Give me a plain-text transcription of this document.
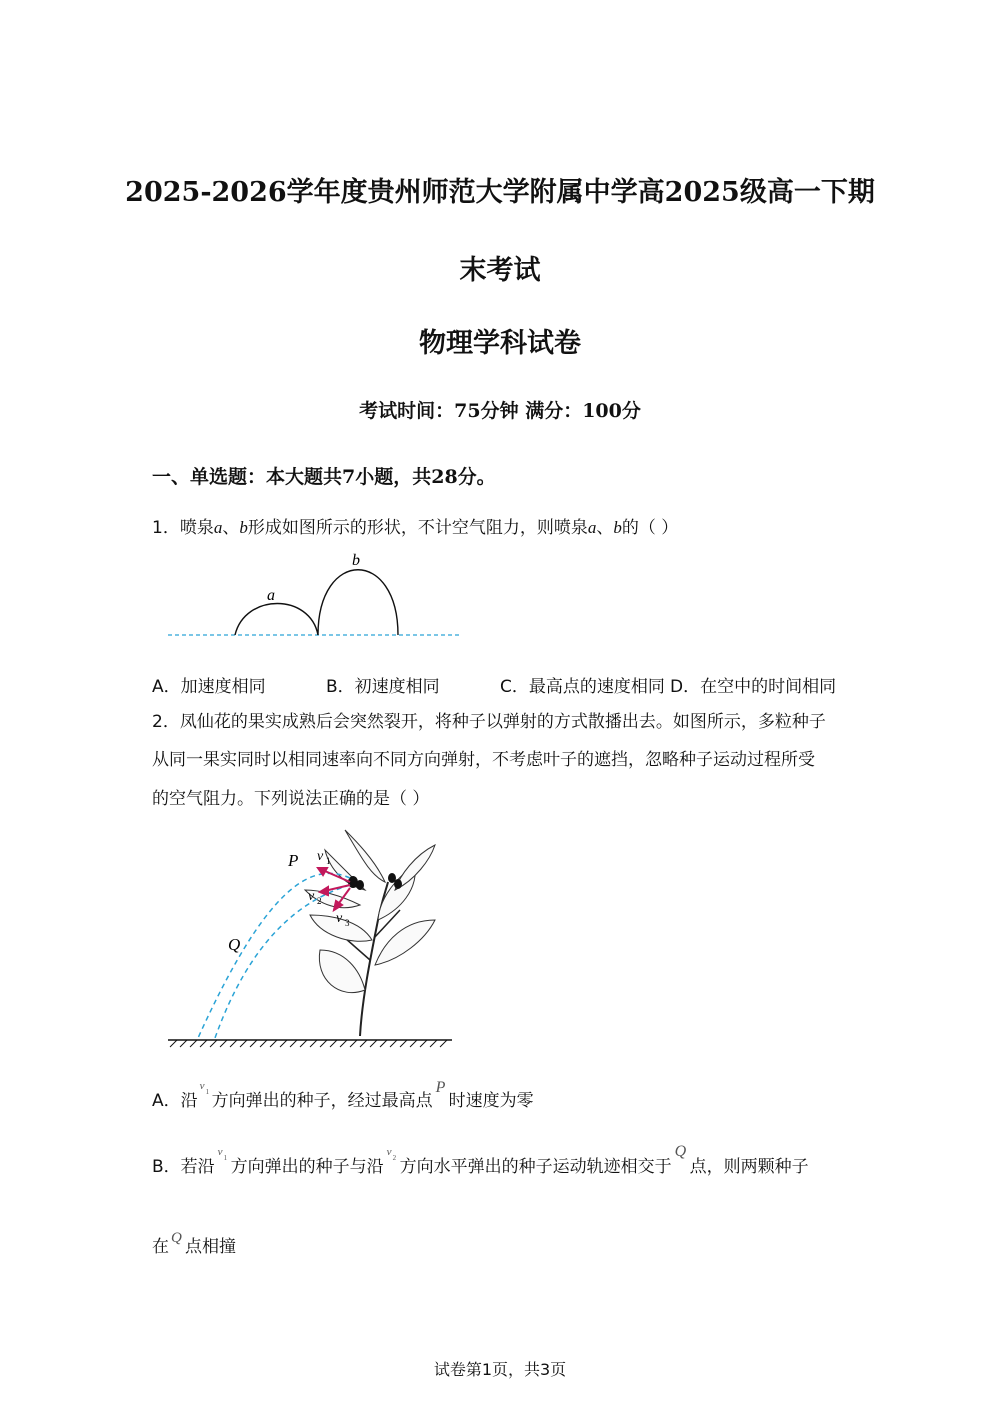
2025-2026学年度贵州师范大学附属中学高2025级高一下期
末考试
物理学科试卷
考试时间：75分钟 满分：100分
一、单选题：本大题共7小题，共28分。
1．喷泉a、b形成如图所示的形状，不计空气阻力，则喷泉a、b的（ ）
a
b
A．加速度相同	B．初速度相同	C．最高点的速度相同 D．在空中的时间相同
2．凤仙花的果实成熟后会突然裂开，将种子以弹射的方式散播出去。如图所示，多粒种子
从同一果实同时以相同速率向不同方向弹射，不考虑叶子的遮挡，忽略种子运动过程所受
的空气阻力。下列说法正确的是（ ）
P
Q
v 1
v 2
v 3
A．沿
v 1 方向弹出的种子，经过最高点
P
时速度为零
B．若沿
v 1 方向弹出的种子与沿
v 2 方向水平弹出的种子运动轨迹相交于
Q
点，则两颗种子
在 Q 点相撞
试卷第1页，共3页
